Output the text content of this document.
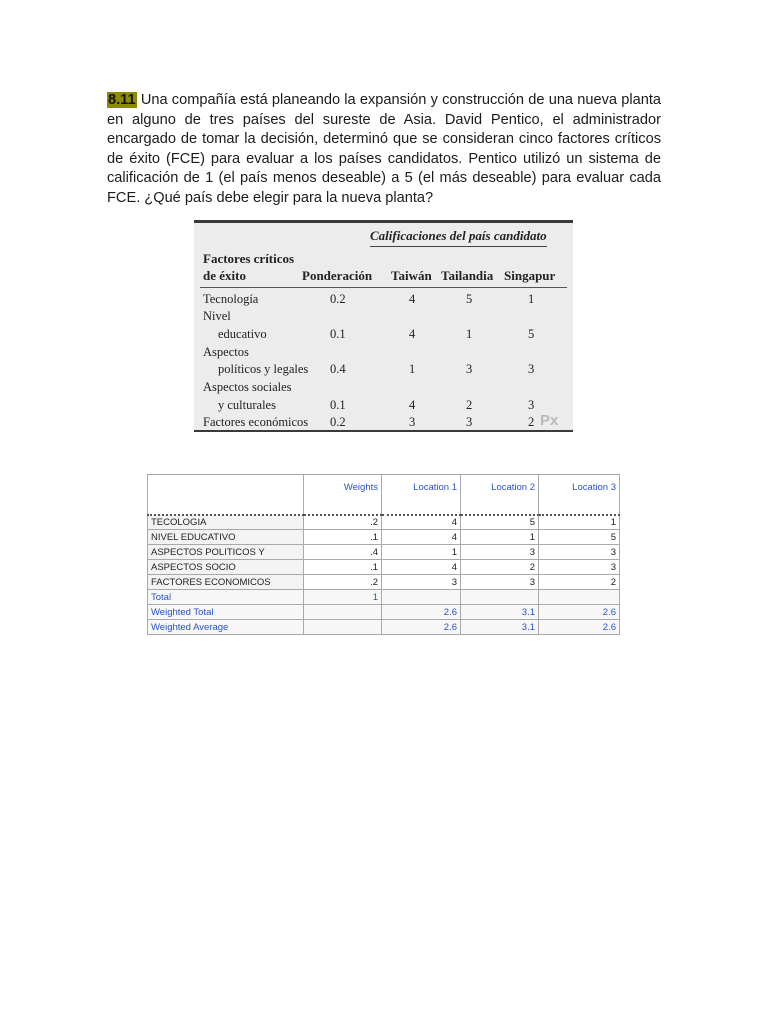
8.11 Una compañía está planeando la expansión y construcción de una nueva planta en alguno de tres países del sureste de Asia. David Pentico, el administrador encargado de tomar la decisión, determinó que se consideran cinco factores críticos de éxito (FCE) para evaluar a los países candidatos. Pentico utilizó un sistema de calificación de 1 (el país menos deseable) a 5 (el más deseable) para evaluar cada FCE. ¿Qué país debe elegir para la nueva planta?
Calificaciones del país candidato
Factores críticos
de éxito	Ponderación Taiwán Tailandia Singapur
Tecnología	0.2	4	5	1
Nivel
educativo	0.1	4	1	5
Aspectos
políticos y legales 0.4	1	3	3
Aspectos sociales
y culturales	0.1	4	2	3
Factores económicos 0.2	3	3	2 Px
	Weights	Location 1	Location 2	Location 3
TECOLOGIA	.2	4	5	1
NIVEL EDUCATIVO	.1	4	1	5
ASPECTOS POLITICOS Y	.4	1	3	3
ASPECTOS SOCIO	.1	4	2	3
FACTORES ECONOMICOS	.2	3	3	2
Total	1			
Weighted Total		2.6	3.1	2.6
Weighted Average		2.6	3.1	2.6
